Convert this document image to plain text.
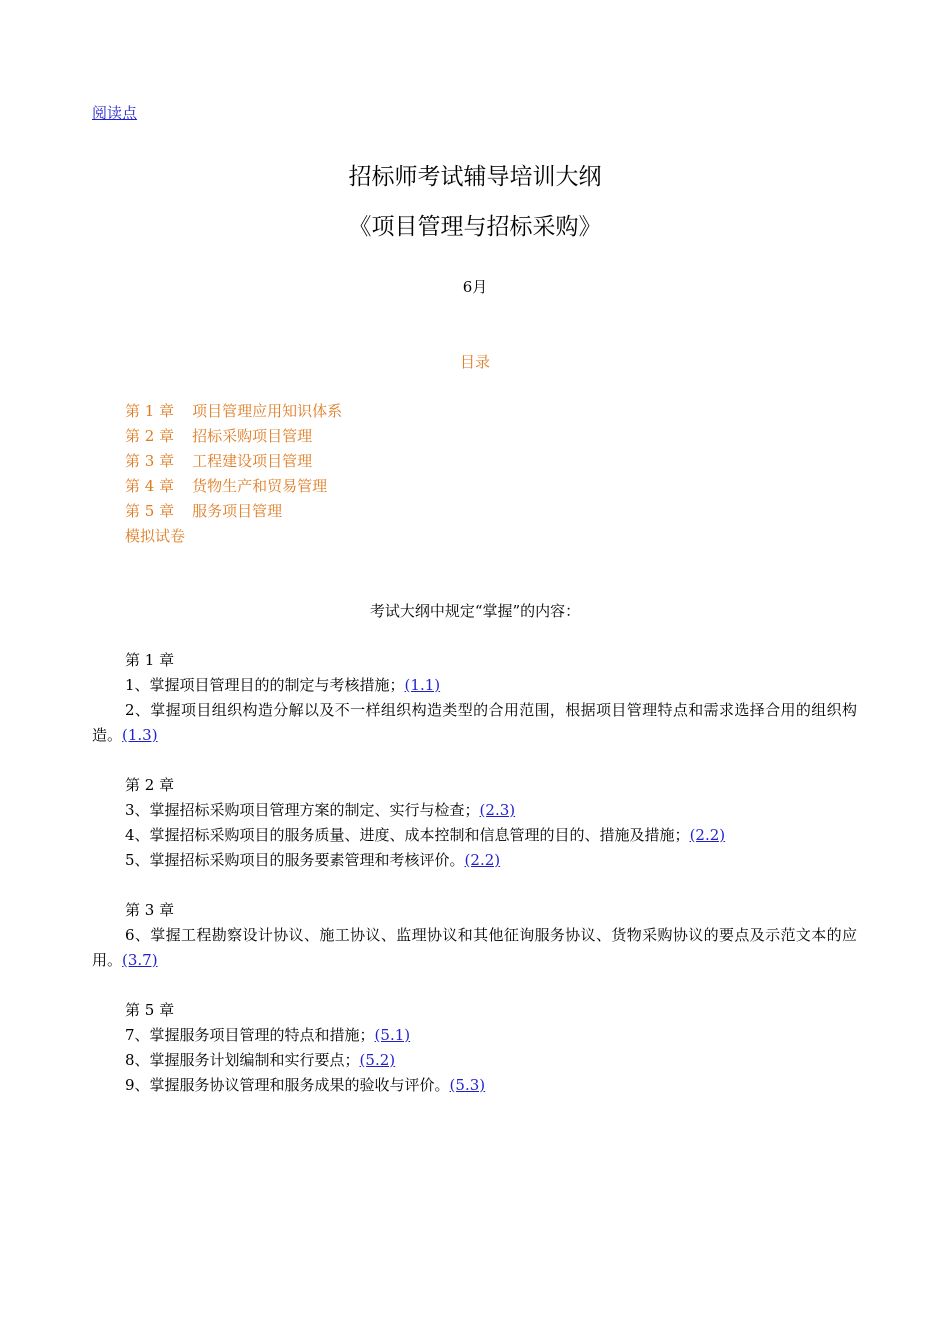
阅读点
招标师考试辅导培训大纲
《项目管理与招标采购》
6月
目录
第 1 章 项目管理应用知识体系
第 2 章 招标采购项目管理
第 3 章 工程建设项目管理
第 4 章 货物生产和贸易管理
第 5 章 服务项目管理
模拟试卷
考试大纲中规定“掌握”的内容：

第 1 章

1、掌握项目管理目的的制定与考核措施；(1.1)

2、掌握项目组织构造分解以及不一样组织构造类型的合用范围，根据项目管理特点和需求选择合用的组织构造。(1.3)

第 2 章

3、掌握招标采购项目管理方案的制定、实行与检查；(2.3)

4、掌握招标采购项目的服务质量、进度、成本控制和信息管理的目的、措施及措施；(2.2)

5、掌握招标采购项目的服务要素管理和考核评价。(2.2)

第 3 章

6、掌握工程勘察设计协议、施工协议、监理协议和其他征询服务协议、货物采购协议的要点及示范文本的应用。(3.7)

第 5 章

7、掌握服务项目管理的特点和措施；(5.1)

8、掌握服务计划编制和实行要点；(5.2)

9、掌握服务协议管理和服务成果的验收与评价。(5.3)
